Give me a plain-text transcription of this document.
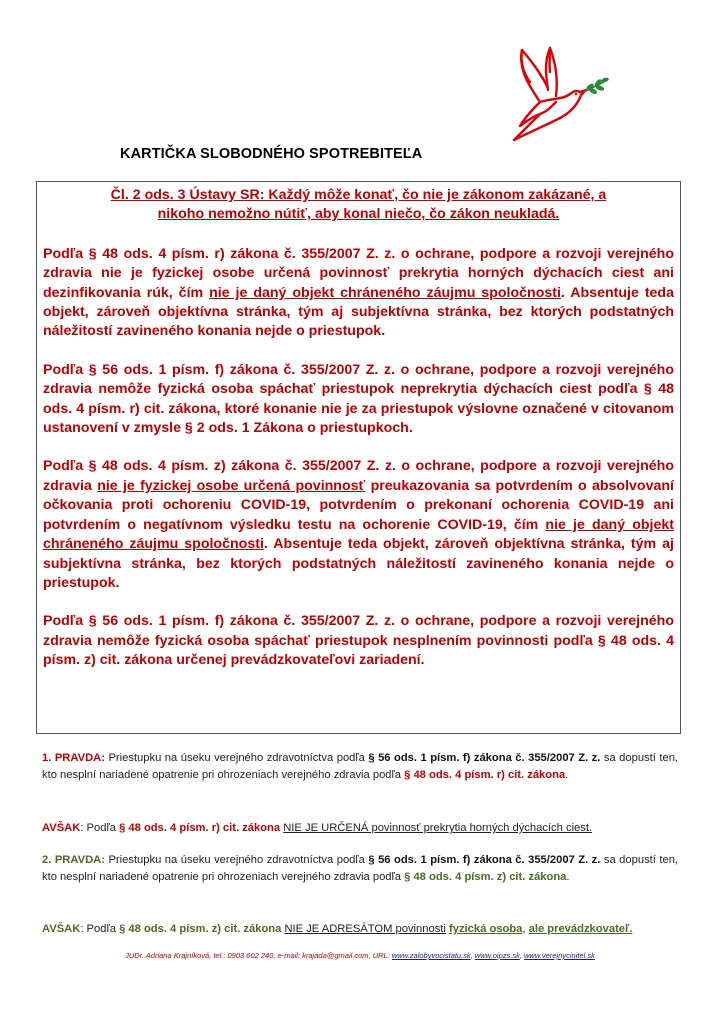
KARTIČKA SLOBODNÉHO SPOTREBITEĽA
Čl. 2 ods. 3 Ústavy SR: Každý môže konať, čo nie je zákonom zakázané, a
nikoho nemožno nútiť, aby konal niečo, čo zákon neukladá.
Podľa § 48 ods. 4 písm. r) zákona č. 355/2007 Z. z. o ochrane, podpore a rozvoji verejného zdravia nie je fyzickej osobe určená povinnosť prekrytia horných dýchacích ciest ani dezinfikovania rúk, čím nie je daný objekt chráneného záujmu spoločnosti. Absentuje teda objekt, zároveň objektívna stránka, tým aj subjektívna stránka, bez ktorých podstatných náležitostí zavineného konania nejde o priestupok.
Podľa § 56 ods. 1 písm. f) zákona č. 355/2007 Z. z. o ochrane, podpore a rozvoji verejného zdravia nemôže fyzická osoba spáchať priestupok neprekrytia dýchacích ciest podľa § 48 ods. 4 písm. r) cit. zákona, ktoré konanie nie je za priestupok výslovne označené v citovanom ustanovení v zmysle § 2 ods. 1 Zákona o priestupkoch.
Podľa § 48 ods. 4 písm. z) zákona č. 355/2007 Z. z. o ochrane, podpore a rozvoji verejného zdravia nie je fyzickej osobe určená povinnosť preukazovania sa potvrdením o absolvovaní očkovania proti ochoreniu COVID-19, potvrdením o prekonaní ochorenia COVID-19 ani potvrdením o negatívnom výsledku testu na ochorenie COVID-19, čím nie je daný objekt chráneného záujmu spoločnosti. Absentuje teda objekt, zároveň objektívna stránka, tým aj subjektívna stránka, bez ktorých podstatných náležitostí zavineného konania nejde o priestupok.
Podľa § 56 ods. 1 písm. f) zákona č. 355/2007 Z. z. o ochrane, podpore a rozvoji verejného zdravia nemôže fyzická osoba spáchať priestupok nesplnením povinnosti podľa § 48 ods. 4 písm. z) cit. zákona určenej prevádzkovateľovi zariadení.
1. PRAVDA: Priestupku na úseku verejného zdravotníctva podľa § 56 ods. 1 písm. f) zákona č. 355/2007 Z. z. sa dopustí ten, kto nesplní nariadené opatrenie pri ohrozeniach verejného zdravia podľa § 48 ods. 4 písm. r) cit. zákona.
AVŠAK: Podľa § 48 ods. 4 písm. r) cit. zákona NIE JE URČENÁ povinnosť prekrytia horných dýchacích ciest.
2. PRAVDA: Priestupku na úseku verejného zdravotníctva podľa § 56 ods. 1 písm. f) zákona č. 355/2007 Z. z. sa dopustí ten, kto nesplní nariadené opatrenie pri ohrozeniach verejného zdravia podľa § 48 ods. 4 písm. z) cit. zákona.
AVŠAK: Podľa § 48 ods. 4 písm. z) cit. zákona NIE JE ADRESÁTOM povinnosti fyzická osoba, ale prevádzkovateľ.
JUDr. Adriana Krajníková, tel.: 0903 602 240, e-mail: krajada@gmail.com, URL: www.zalobyvocistatu.sk, www.oipzs.sk, www.verejnycinitel.sk
